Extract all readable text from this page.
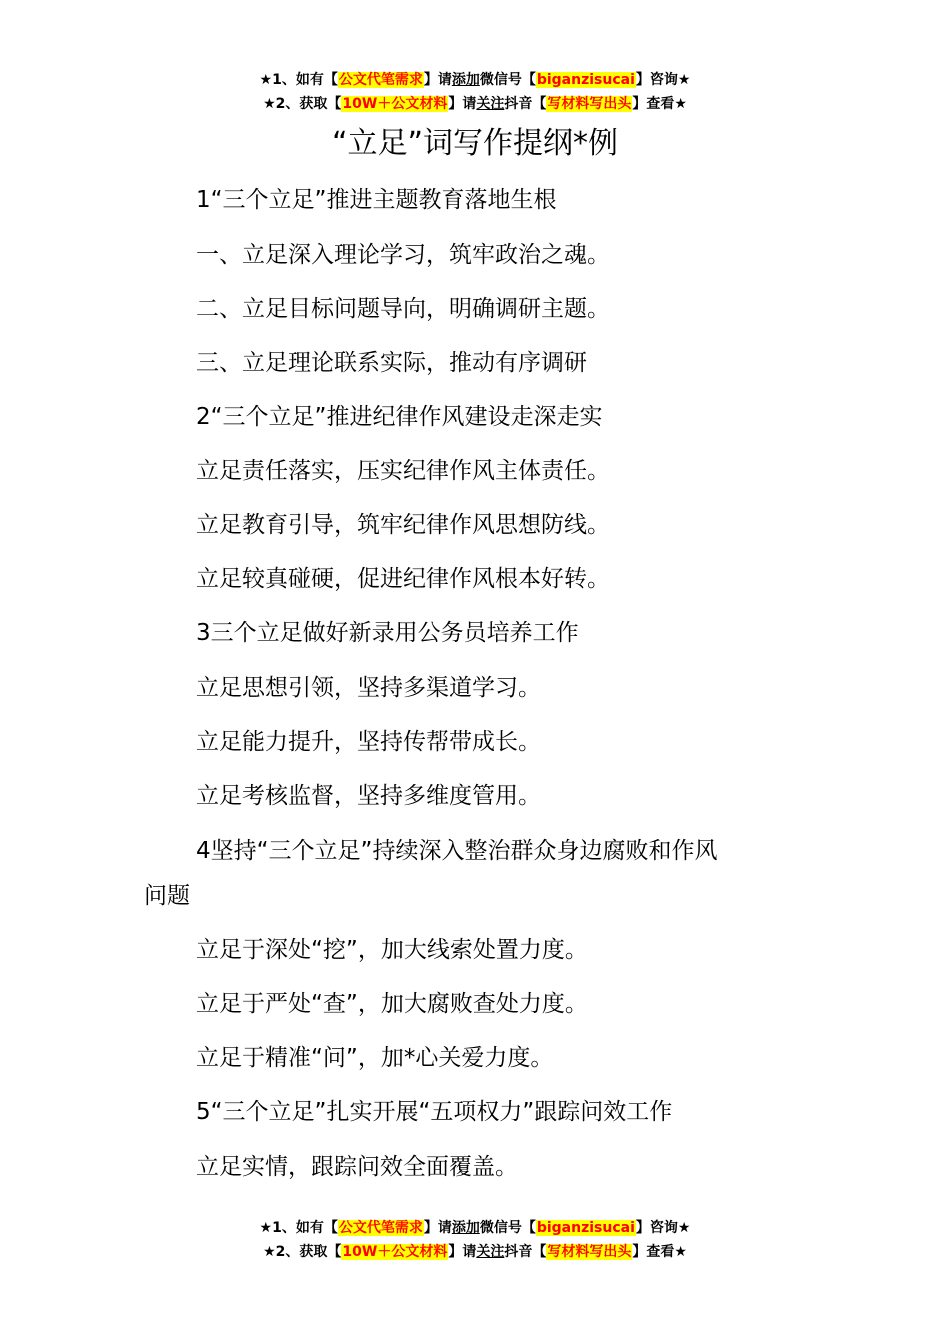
★1、如有【公文代笔需求】请添加微信号【biganzisucai】咨询★
★2、获取【10W＋公文材料】请关注抖音【写材料写出头】查看★
“立足”词写作提纲*例
1“三个立足”推进主题教育落地生根
一、立足深入理论学习，筑牢政治之魂。
二、立足目标问题导向，明确调研主题。
三、立足理论联系实际，推动有序调研
2“三个立足”推进纪律作风建设走深走实
立足责任落实，压实纪律作风主体责任。
立足教育引导，筑牢纪律作风思想防线。
立足较真碰硬，促进纪律作风根本好转。
3三个立足做好新录用公务员培养工作
立足思想引领，坚持多渠道学习。
立足能力提升，坚持传帮带成长。
立足考核监督，坚持多维度管用。
4坚持“三个立足”持续深入整治群众身边腐败和作风
问题
立足于深处“挖”，加大线索处置力度。
立足于严处“查”，加大腐败查处力度。
立足于精准“问”，加*心关爱力度。
5“三个立足”扎实开展“五项权力”跟踪问效工作
立足实情，跟踪问效全面覆盖。
★1、如有【公文代笔需求】请添加微信号【biganzisucai】咨询★
★2、获取【10W＋公文材料】请关注抖音【写材料写出头】查看★
